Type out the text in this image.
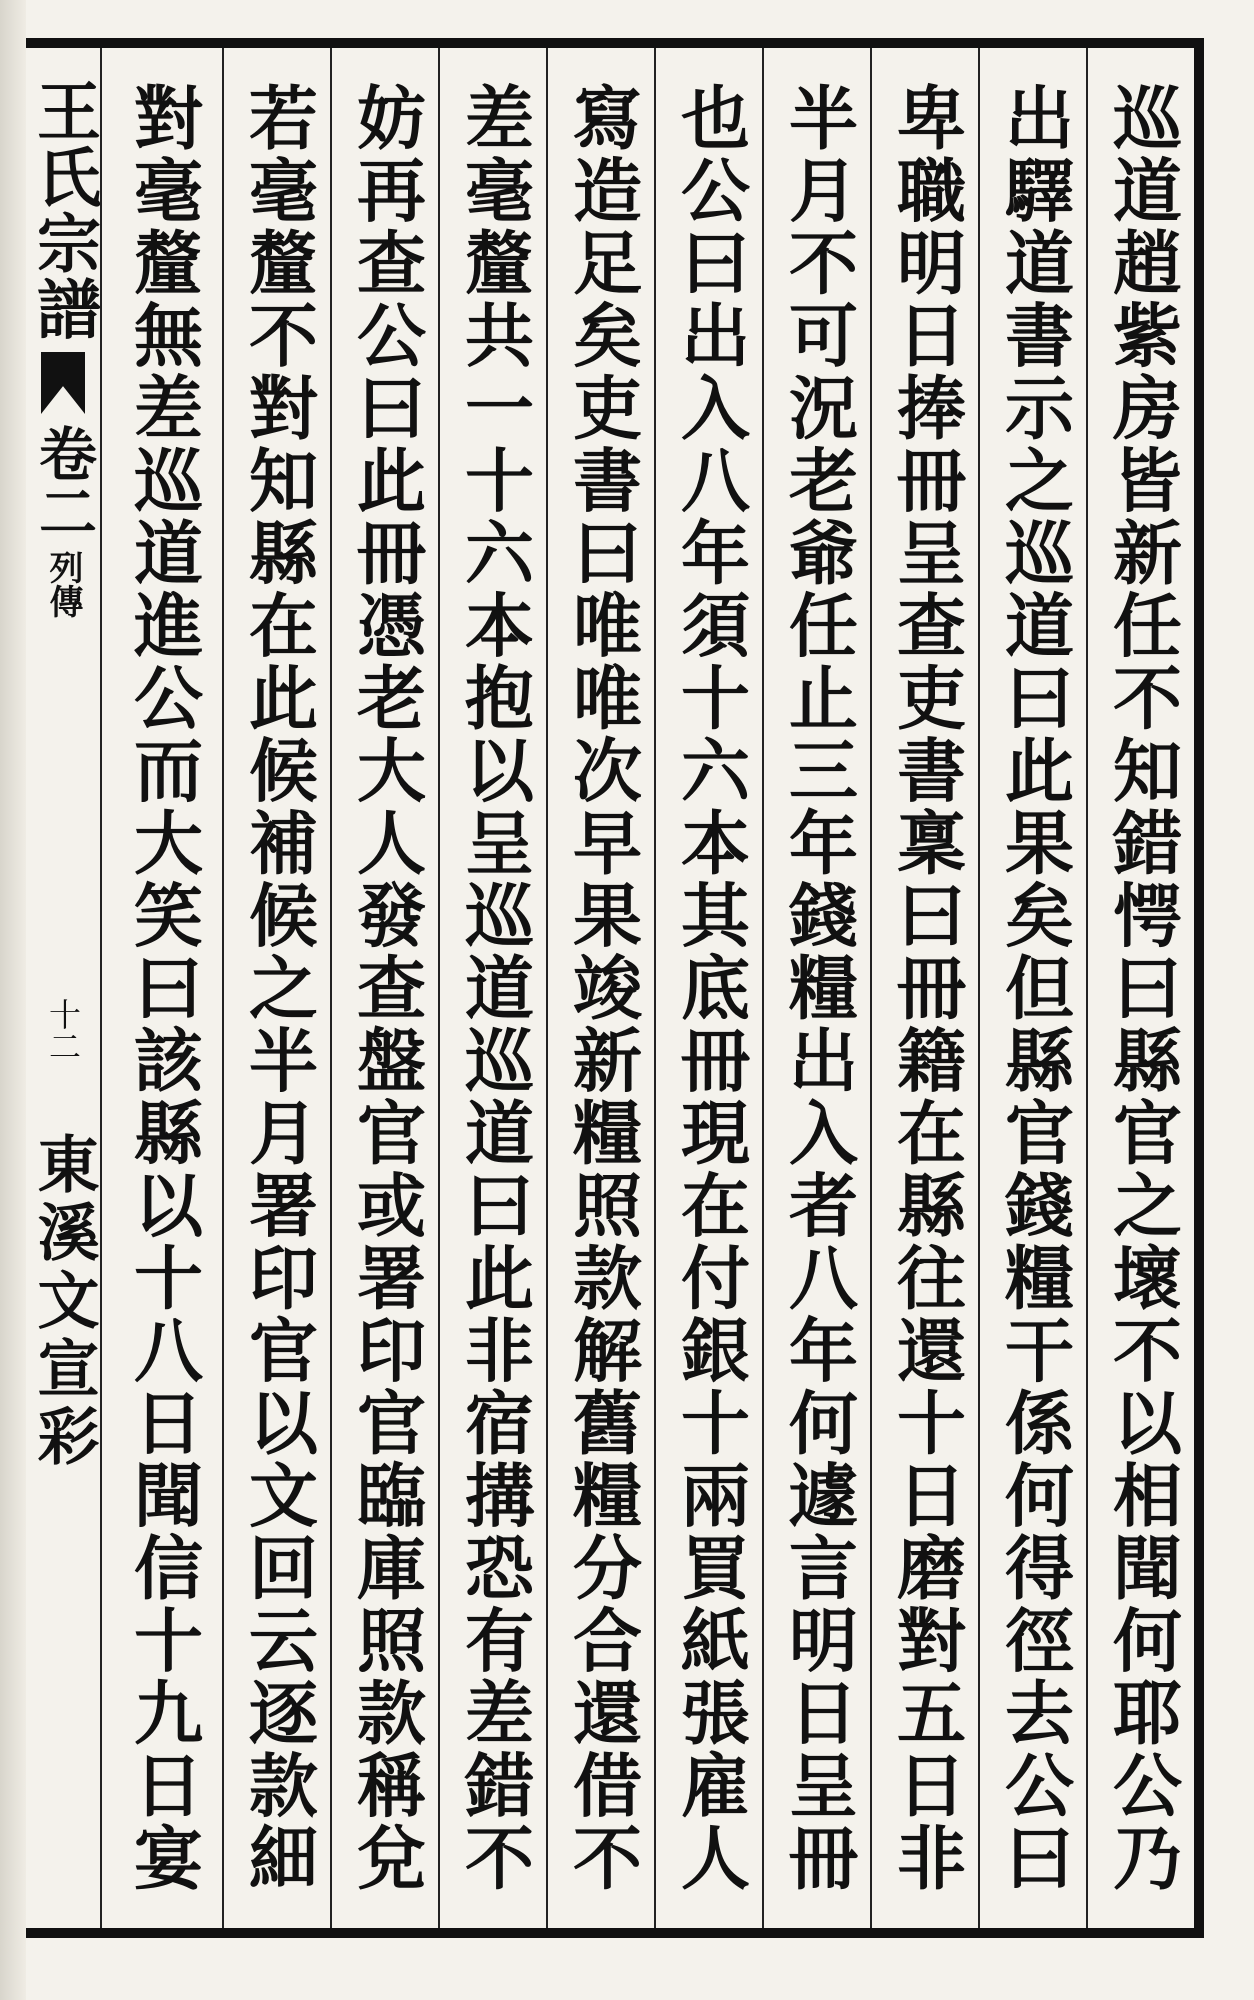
王氏宗譜
卷二
列傳
十二
東溪文宣彩	巡道趙紫房皆新任不知錯愕曰縣官之壞不以相聞何耶公乃
出驛道書示之巡道曰此果矣但縣官錢糧干係何得徑去公曰
卑職明日捧冊呈查吏書稟曰冊籍在縣往還十日磨對五日非
半月不可況老爺任止三年錢糧出入者八年何遽言明日呈冊
也公曰出入八年須十六本其底冊現在付銀十兩買紙張雇人
寫造足矣吏書曰唯唯次早果竣新糧照款解舊糧分合還借不
差毫釐共一十六本抱以呈巡道巡道曰此非宿搆恐有差錯不
妨再查公曰此冊憑老大人發查盤官或署印官臨庫照款稱兌
若毫釐不對知縣在此候補候之半月署印官以文回云逐款細
對毫釐無差巡道進公而大笑曰該縣以十八日聞信十九日宴
